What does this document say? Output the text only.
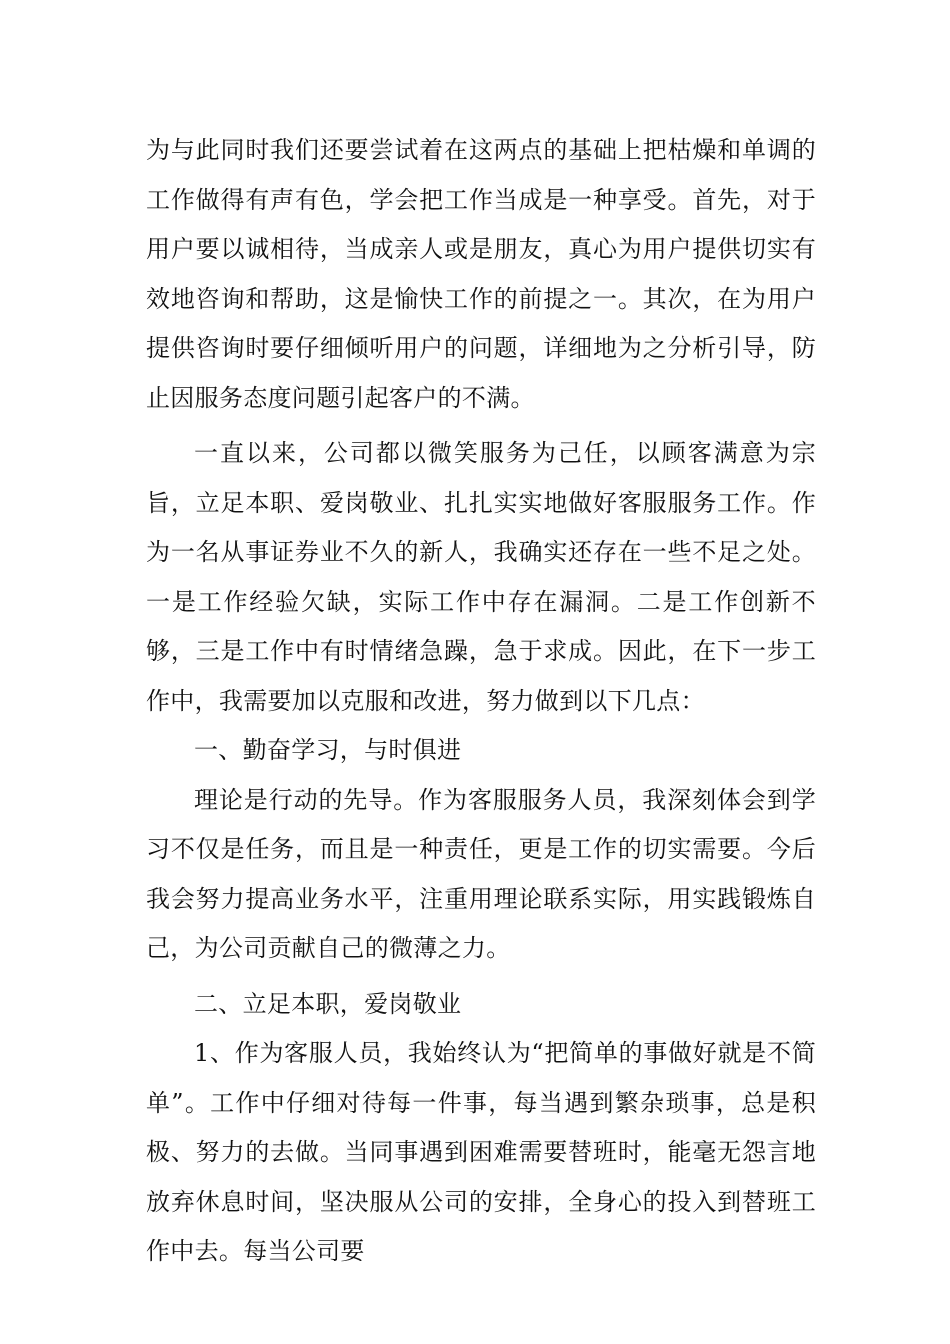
为与此同时我们还要尝试着在这两点的基础上把枯燥和单调的工作做得有声有色，学会把工作当成是一种享受。首先，对于用户要以诚相待，当成亲人或是朋友，真心为用户提供切实有效地咨询和帮助，这是愉快工作的前提之一。其次，在为用户提供咨询时要仔细倾听用户的问题，详细地为之分析引导，防止因服务态度问题引起客户的不满。

一直以来，公司都以微笑服务为己任，以顾客满意为宗旨，立足本职、爱岗敬业、扎扎实实地做好客服服务工作。作为一名从事证券业不久的新人，我确实还存在一些不足之处。一是工作经验欠缺，实际工作中存在漏洞。二是工作创新不够，三是工作中有时情绪急躁，急于求成。因此，在下一步工作中，我需要加以克服和改进，努力做到以下几点：

一、勤奋学习，与时俱进

理论是行动的先导。作为客服服务人员，我深刻体会到学习不仅是任务，而且是一种责任，更是工作的切实需要。今后我会努力提高业务水平，注重用理论联系实际，用实践锻炼自己，为公司贡献自己的微薄之力。

二、立足本职，爱岗敬业

1、作为客服人员，我始终认为“把简单的事做好就是不简单”。工作中仔细对待每一件事，每当遇到繁杂琐事，总是积极、努力的去做。当同事遇到困难需要替班时，能毫无怨言地放弃休息时间，坚决服从公司的安排，全身心的投入到替班工作中去。每当公司要
